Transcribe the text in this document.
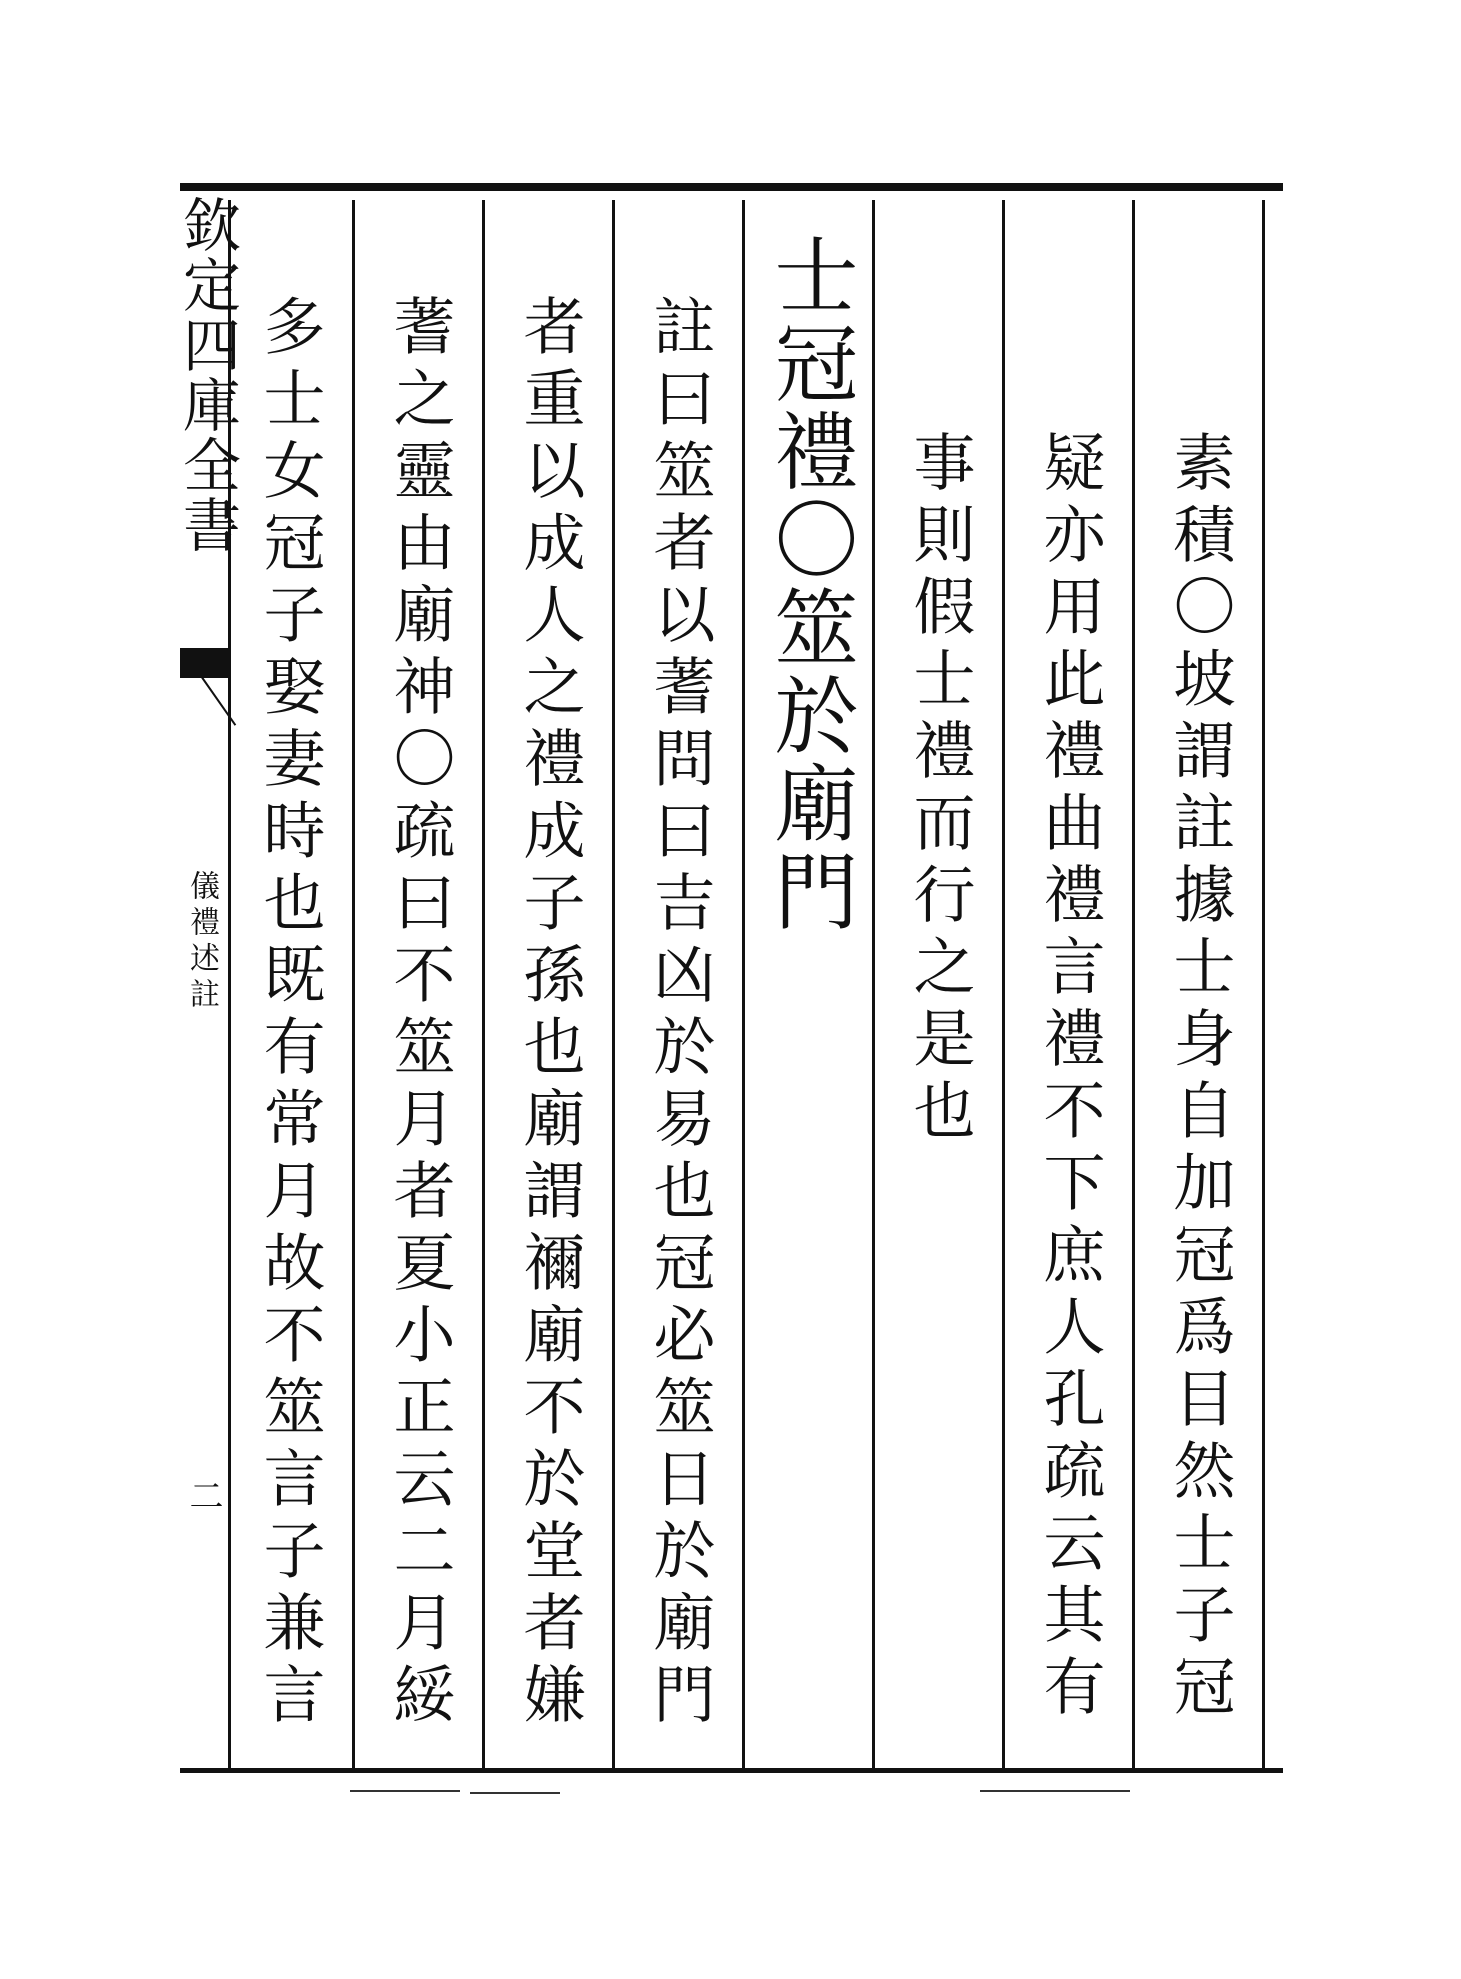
欽定四庫全書
儀禮述註
二	素積〇坡謂註據士身自加冠爲目然士子冠
疑亦用此禮曲禮言禮不下庶人孔疏云其有
事則假士禮而行之是也
士冠禮〇筮於廟門
註曰筮者以蓍問曰吉凶於易也冠必筮日於廟門
者重以成人之禮成子孫也廟謂禰廟不於堂者嫌
蓍之靈由廟神〇疏曰不筮月者夏小正云二月綏
多士女冠子娶妻時也既有常月故不筮言子兼言
